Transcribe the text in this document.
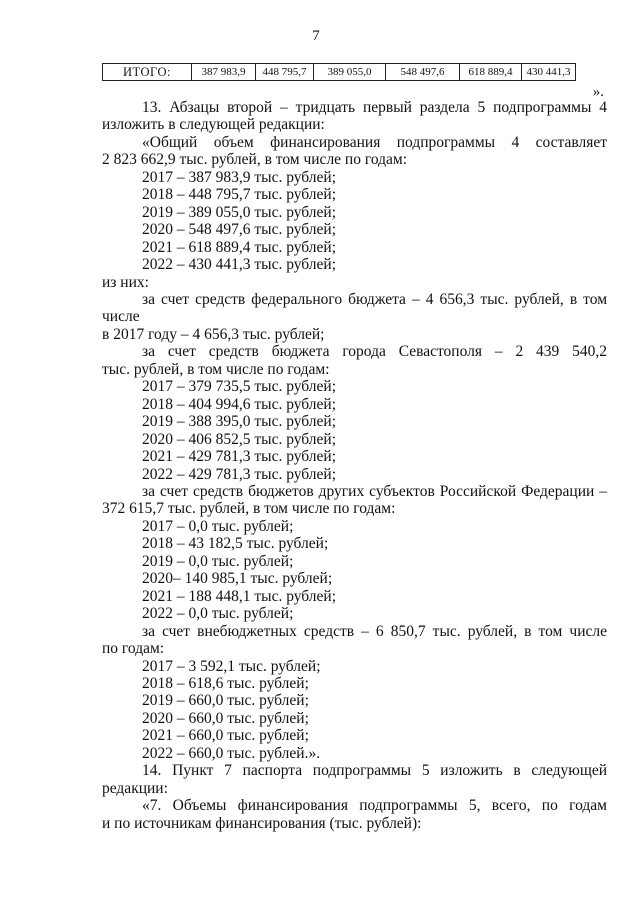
7
ИТОГО:	387 983,9	448 795,7	389 055,0	548 497,6	618 889,4	430 441,3
».

13. Абзацы второй – тридцать первый раздела 5 подпрограммы 4

изложить в следующей редакции:

«Общий объем финансирования подпрограммы 4 составляет

2 823 662,9 тыс. рублей, в том числе по годам:

2017 – 387 983,9 тыс. рублей;

2018 – 448 795,7 тыс. рублей;

2019 – 389 055,0 тыс. рублей;

2020 – 548 497,6 тыс. рублей;

2021 – 618 889,4 тыс. рублей;

2022 – 430 441,3 тыс. рублей;

из них:

за счет средств федерального бюджета – 4 656,3 тыс. рублей, в том числе

в 2017 году – 4 656,3 тыс. рублей;

за счет средств бюджета города Севастополя – 2 439 540,2

тыс. рублей, в том числе по годам:

2017 – 379 735,5 тыс. рублей;

2018 – 404 994,6 тыс. рублей;

2019 – 388 395,0 тыс. рублей;

2020 – 406 852,5 тыс. рублей;

2021 – 429 781,3 тыс. рублей;

2022 – 429 781,3 тыс. рублей;

за счет средств бюджетов других субъектов Российской Федерации –

372 615,7 тыс. рублей, в том числе по годам:

2017 – 0,0 тыс. рублей;

2018 – 43 182,5 тыс. рублей;

2019 – 0,0 тыс. рублей;

2020– 140 985,1 тыс. рублей;

2021 – 188 448,1 тыс. рублей;

2022 – 0,0 тыс. рублей;

за счет внебюджетных средств – 6 850,7 тыс. рублей, в том числе

по годам:

2017 – 3 592,1 тыс. рублей;

2018 – 618,6 тыс. рублей;

2019 – 660,0 тыс. рублей;

2020 – 660,0 тыс. рублей;

2021 – 660,0 тыс. рублей;

2022 – 660,0 тыс. рублей.».

14. Пункт 7 паспорта подпрограммы 5 изложить в следующей

редакции:

«7. Объемы финансирования подпрограммы 5, всего, по годам

и по источникам финансирования (тыс. рублей):
